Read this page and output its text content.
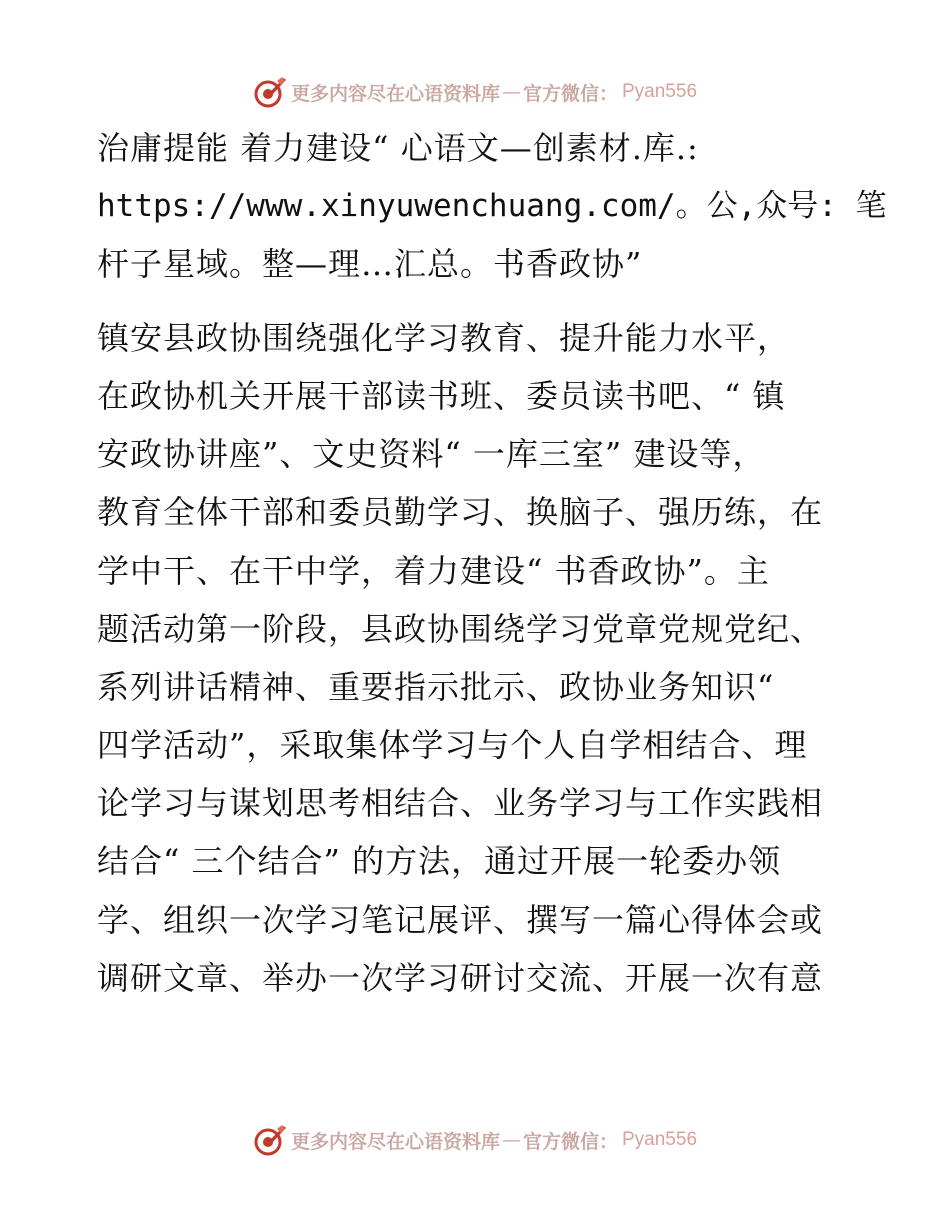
更多内容尽在心语资料库 — 官方微信： Pyan556
治庸提能 着力建设“ 心语文—创素材.库.:
https://www.xinyuwenchuang.com/。公,众号: 笔
杆子星域。整—理…汇总。书香政协”
镇安县政协围绕强化学习教育、提升能力水平，
在政协机关开展干部读书班、委员读书吧、“ 镇
安政协讲座”、文史资料“ 一库三室” 建设等，
教育全体干部和委员勤学习、换脑子、强历练，在
学中干、在干中学，着力建设“ 书香政协”。主
题活动第一阶段，县政协围绕学习党章党规党纪、
系列讲话精神、重要指示批示、政协业务知识“
四学活动”，采取集体学习与个人自学相结合、理
论学习与谋划思考相结合、业务学习与工作实践相
结合“ 三个结合” 的方法，通过开展一轮委办领
学、组织一次学习笔记展评、撰写一篇心得体会或
调研文章、举办一次学习研讨交流、开展一次有意
更多内容尽在心语资料库 — 官方微信： Pyan556
